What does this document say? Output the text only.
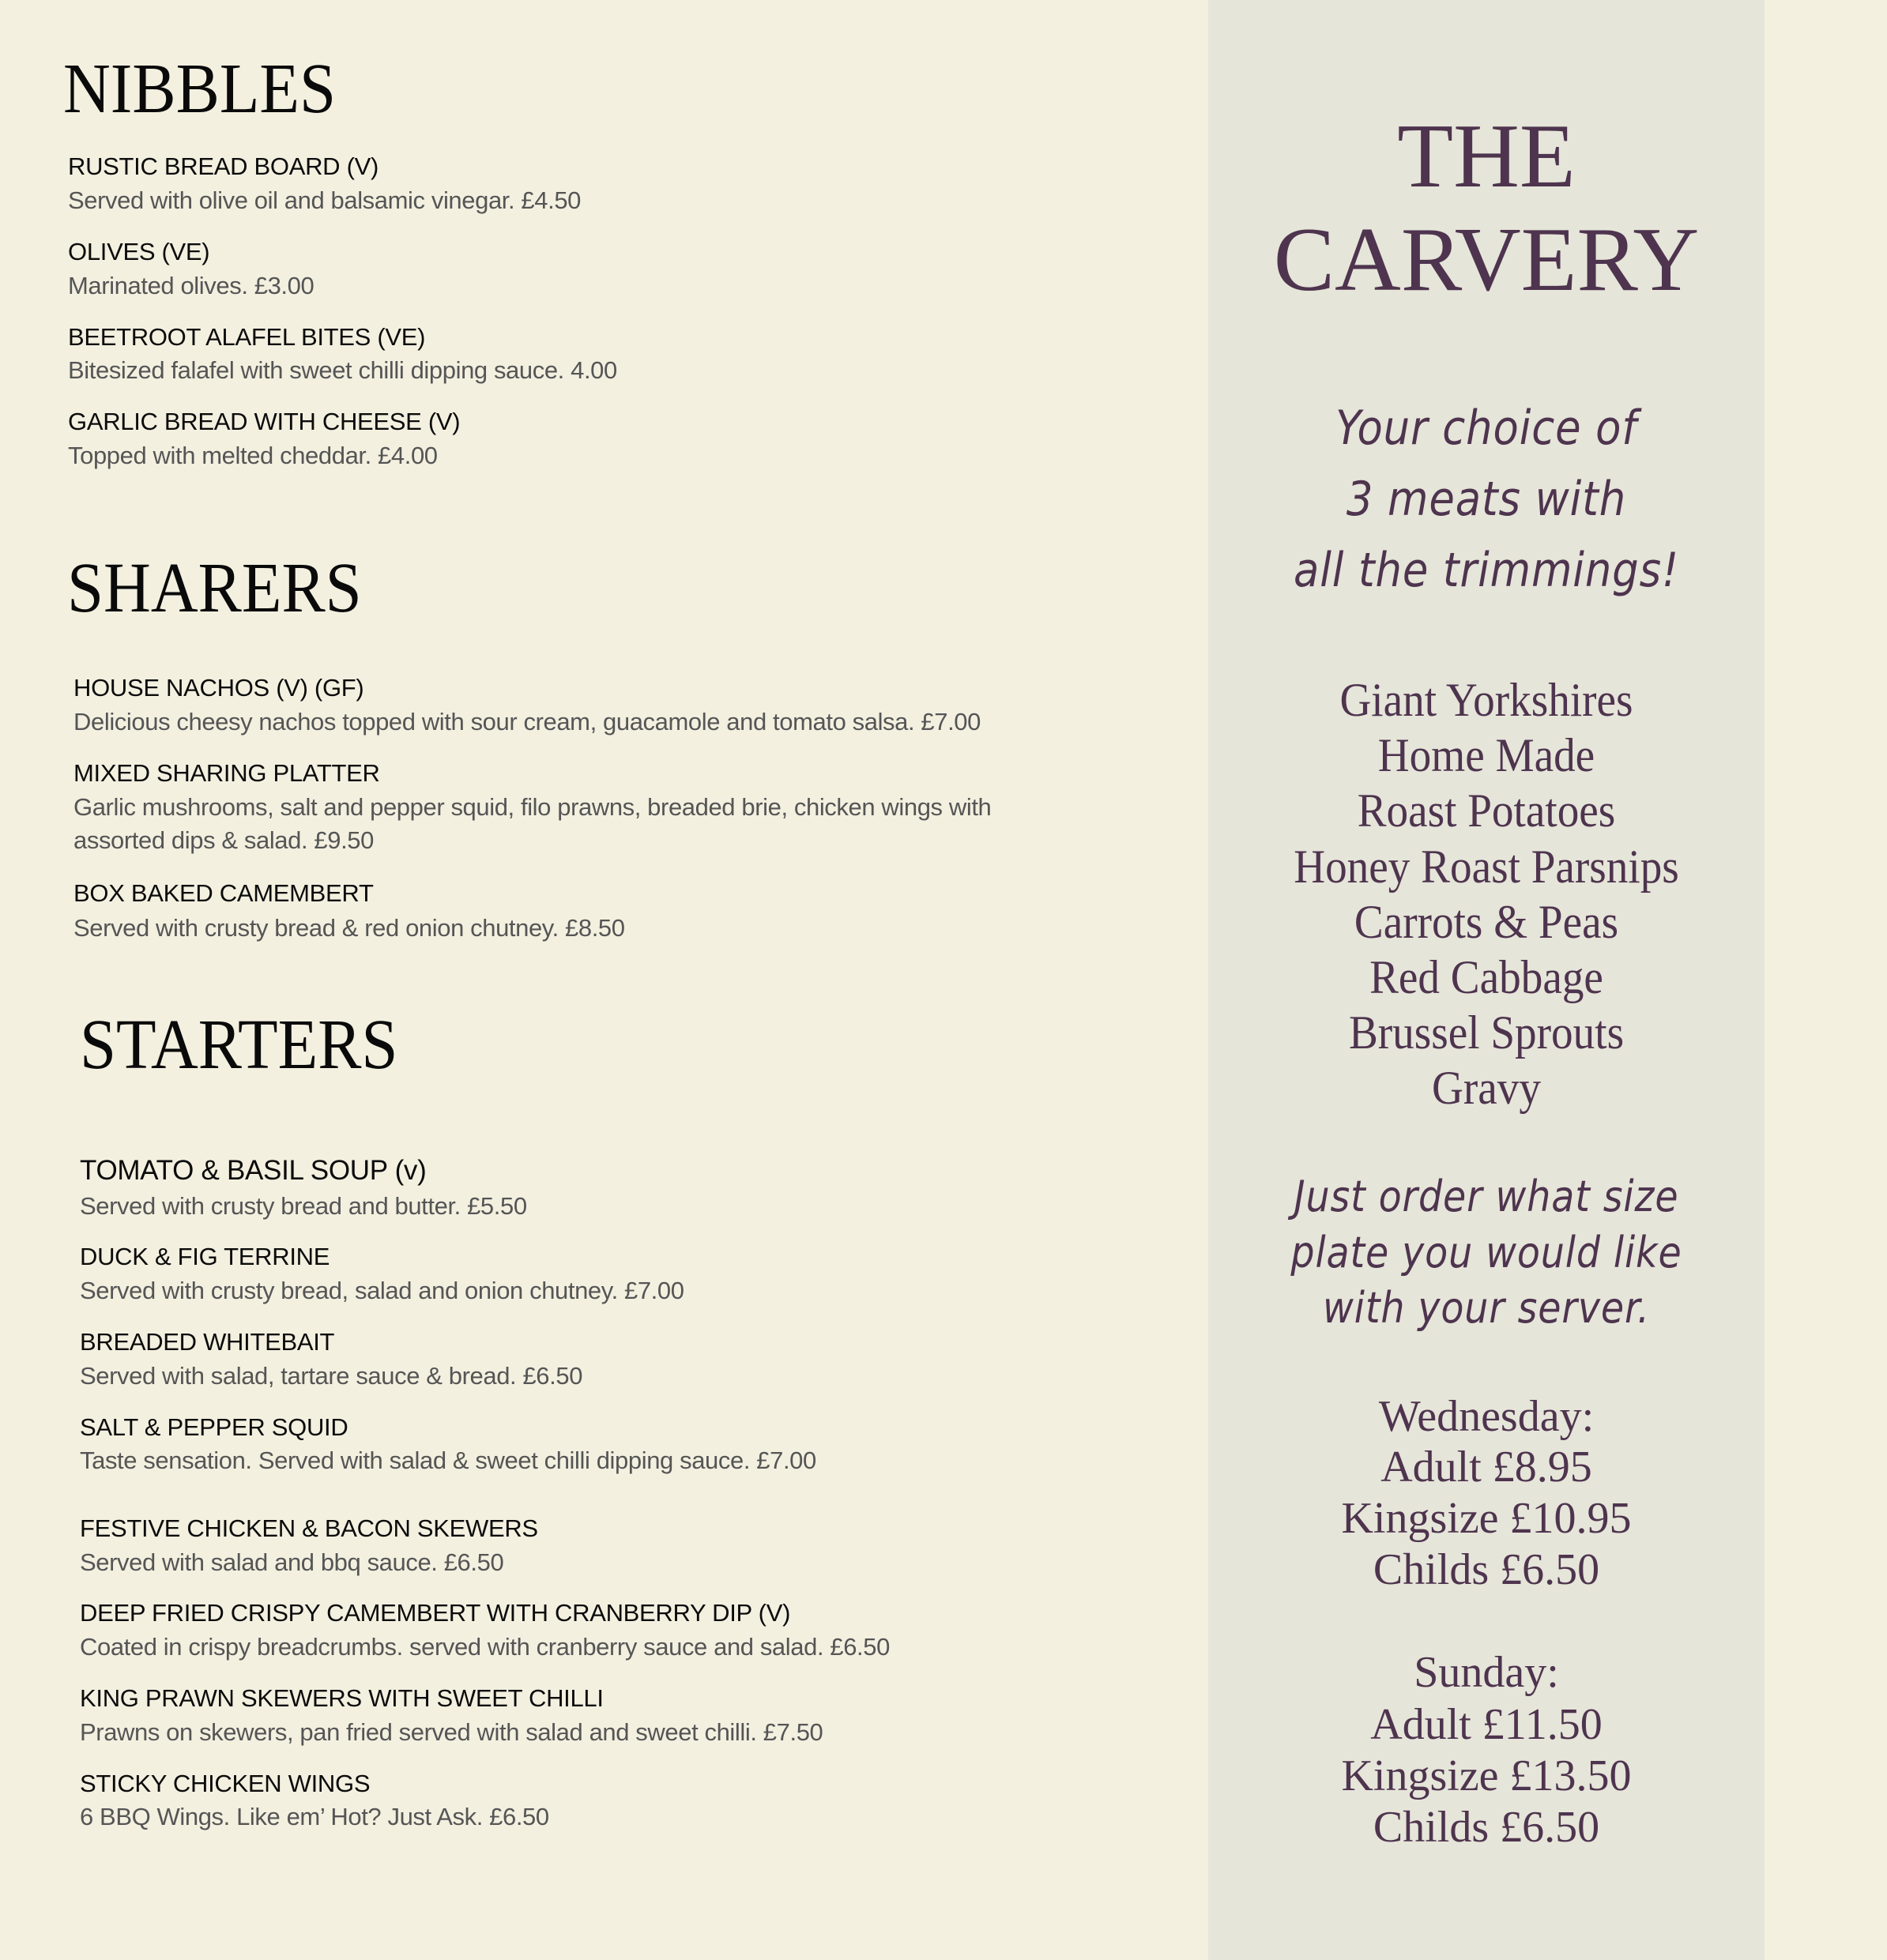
NIBBLES
RUSTIC BREAD BOARD (V)
Served with olive oil and balsamic vinegar. £4.50
OLIVES (VE)
Marinated olives. £3.00
BEETROOT ALAFEL BITES (VE)
Bitesized falafel with sweet chilli dipping sauce. 4.00
GARLIC BREAD WITH CHEESE (V)
Topped with melted cheddar. £4.00
SHARERS
HOUSE NACHOS (V) (GF)
Delicious cheesy nachos topped with sour cream, guacamole and tomato salsa. £7.00
MIXED SHARING PLATTER
Garlic mushrooms, salt and pepper squid, filo prawns, breaded brie, chicken wings with
assorted dips & salad. £9.50
BOX BAKED CAMEMBERT
Served with crusty bread & red onion chutney. £8.50
STARTERS
TOMATO & BASIL SOUP (v)
Served with crusty bread and butter. £5.50
DUCK & FIG TERRINE
Served with crusty bread, salad and onion chutney. £7.00
BREADED WHITEBAIT
Served with salad, tartare sauce & bread. £6.50
SALT & PEPPER SQUID
Taste sensation. Served with salad & sweet chilli dipping sauce. £7.00
FESTIVE CHICKEN & BACON SKEWERS
Served with salad and bbq sauce. £6.50
DEEP FRIED CRISPY CAMEMBERT WITH CRANBERRY DIP (V)
Coated in crispy breadcrumbs. served with cranberry sauce and salad. £6.50
KING PRAWN SKEWERS WITH SWEET CHILLI
Prawns on skewers, pan fried served with salad and sweet chilli. £7.50
STICKY CHICKEN WINGS
6 BBQ Wings. Like em’ Hot? Just Ask. £6.50
THE
CARVERY
Your choice of
3 meats with
all the trimmings!
Giant Yorkshires
Home Made
Roast Potatoes
Honey Roast Parsnips
Carrots & Peas
Red Cabbage
Brussel Sprouts
Gravy
Just order what size
plate you would like
with your server.
Wednesday:
Adult £8.95
Kingsize £10.95
Childs £6.50
Sunday:
Adult £11.50
Kingsize £13.50
Childs £6.50
